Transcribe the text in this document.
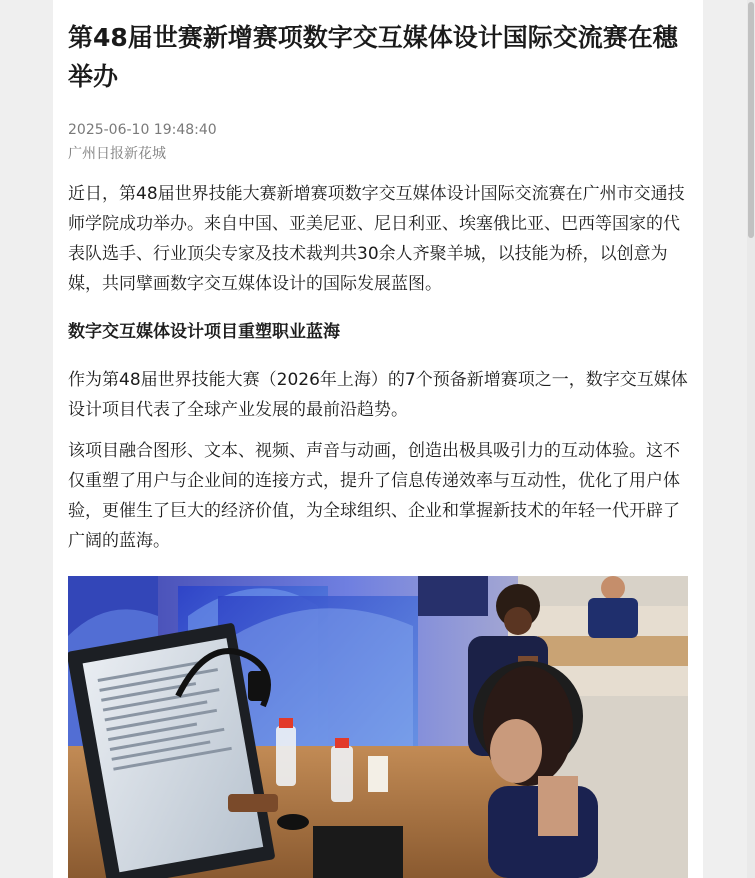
第48届世赛新增赛项数字交互媒体设计国际交流赛在穗举办
2025-06-10 19:48:40
广州日报新花城

近日，第48届世界技能大赛新增赛项数字交互媒体设计国际交流赛在广州市交通技师学院成功举办。来自中国、亚美尼亚、尼日利亚、埃塞俄比亚、巴西等国家的代表队选手、行业顶尖专家及技术裁判共30余人齐聚羊城，以技能为桥，以创意为媒，共同擘画数字交互媒体设计的国际发展蓝图。

数字交互媒体设计项目重塑职业蓝海

作为第48届世界技能大赛（2026年上海）的7个预备新增赛项之一，数字交互媒体设计项目代表了全球产业发展的最前沿趋势。

该项目融合图形、文本、视频、声音与动画，创造出极具吸引力的互动体验。这不仅重塑了用户与企业间的连接方式，提升了信息传递效率与互动性，优化了用户体验，更催生了巨大的经济价值，为全球组织、企业和掌握新技术的年轻一代开辟了广阔的蓝海。
